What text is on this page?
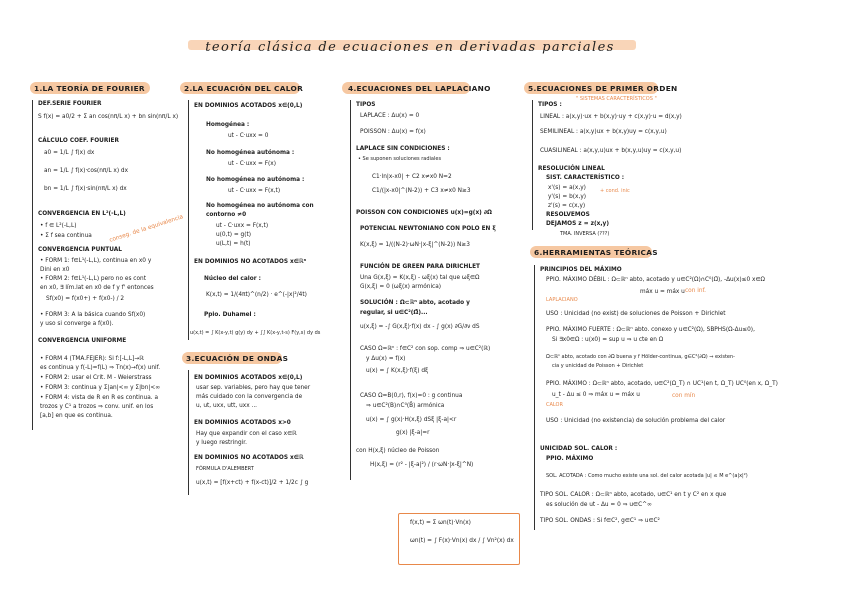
teoría clásica de ecuaciones en derivadas parciales
1.LA TEORÍA DE FOURIER
DEF.SERIE FOURIER
S f(x) = a0/2 + Σ an cos(nπ/L x) + bn sin(nπ/L x)
CÁLCULO COEF. FOURIER
a0 = 1/L ∫ f(x) dx
an = 1/L ∫ f(x)·cos(nπ/L x) dx
bn = 1/L ∫ f(x)·sin(nπ/L x) dx
CONVERGENCIA EN L²(-L,L)
• f ∈ L²(-L,L)
• Σ f sea continua	conseg. de la equivalencia
CONVERGENCIA PUNTUAL
• FORM 1: f∈L¹(-L,L), continua en x0 y
Dini en x0
• FORM 2: f∈L¹(-L,L) pero no es cont
en x0, ∃ lím.lat en x0 de f y f' entonces
Sf(x0) = f(x0+) + f(x0-) / 2
• FORM 3: A la básica cuando Sf(x0)
y uso si converge a f(x0).
CONVERGENCIA UNIFORME
• FORM 4 (TMA.FEJER): Si f:[-L,L]→ℝ
es continua y f(-L)=f(L) ⇒ Tn(x)→f(x) unif.
• FORM 2: usar el Crit. M - Weierstrass
• FORM 3: continua y Σ|an|<∞ y Σ|bn|<∞
• FORM 4: vista de R en R es continua. a
trozos y C¹ a trozos ⇒ conv. unif. en los
[a,b] en que es continua.
2.LA ECUACIÓN DEL CALOR
EN DOMINIOS ACOTADOS x∈(0,L)
Homogénea :
ut - C·uxx = 0
No homogénea autónoma :
ut - C·uxx = F(x)
No homogénea no autónoma :
ut - C·uxx = F(x,t)
No homogénea no autónoma con
contorno ≠0
ut - C·uxx = F(x,t)
u(0,t) = g(t)
u(L,t) = h(t)
EN DOMINIOS NO ACOTADOS x∈ℝⁿ
Núcleo del calor :
K(x,t) = 1/(4πt)^(n/2) · e^(-|x|²/4t)
Ppio. Duhamel :
u(x,t) = ∫ K(x-y,t) g(y) dy + ∫∫ K(x-y,t-s) F(y,s) dy ds
3.ECUACIÓN DE ONDAS
EN DOMINIOS ACOTADOS x∈(0,L)
usar sep. variables, pero hay que tener
más cuidado con la convergencia de
u, ut, uxx, utt, uxx ...
EN DOMINIOS ACOTADOS x>0
Hay que expandir con el caso x∈ℝ
y luego restringir.
EN DOMINIOS NO ACOTADOS x∈ℝ
FÓRMULA D'ALEMBERT
u(x,t) = [f(x+ct) + f(x-ct)]/2 + 1/2c ∫ g
4.ECUACIONES DEL LAPLACIANO
TIPOS
LAPLACE : Δu(x) = 0
POISSON : Δu(x) = f(x)
LAPLACE SIN CONDICIONES :
• Se suponen soluciones radiales
C1·ln|x-x0| + C2 x≠x0 N=2
C1/(|x-x0|^(N-2)) + C3 x≠x0 N≥3
POISSON CON CONDICIONES u(x)=g(x) ∂Ω
POTENCIAL NEWTONIANO CON POLO EN ξ
K(x,ξ) = 1/((N-2)·ωN·|x-ξ|^(N-2)) N≥3
FUNCIÓN DE GREEN PARA DIRICHLET
Una G(x,ξ) = K(x,ξ) - ωξ(x) tal que ωξ∈Ω
G(x,ξ) = 0 (ωξ(x) armónica)
SOLUCIÓN : Ω⊂ℝⁿ abto, acotado y
regular, si u∈C²(Ω̄)...
u(x,ξ) = -∫ G(x,ξ)·f(x) dx - ∫ g(x) ∂G/∂ν dS
CASO Ω=ℝⁿ : f∈C² con sop. comp ⇒ u∈C²(ℝ)
y Δu(x) = f(x)
u(x) = ∫ K(x,ξ)·f(ξ) dξ
CASO Ω=B(0,r), f(x)=0 : g continua
⇒ u∈C²(B)∩C⁰(B̄) armónica
u(x) = ∫ g(x)·H(x,ξ) dSξ |ξ-a|<r
g(x) |ξ-a|=r
con H(x,ξ) núcleo de Poisson
H(x,ξ) = (r² - |ξ-a|²) / (r·ωN·|x-ξ|^N)
f(x,t) = Σ ωn(t)·Vn(x)
ωn(t) = ∫ F(x)·Vn(x) dx / ∫ Vn²(x) dx
5.ECUACIONES DE PRIMER ORDEN
TIPOS :
" SISTEMAS CARACTERÍSTICOS "
LINEAL : a(x,y)·ux + b(x,y)·uy + c(x,y)·u = d(x,y)
SEMILINEAL : a(x,y)ux + b(x,y)uy = c(x,y,u)
CUASILINEAL : a(x,y,u)ux + b(x,y,u)uy = c(x,y,u)
RESOLUCIÓN LINEAL
SIST. CARACTERÍSTICO :
x'(s) = a(x,y)
y'(s) = b(x,y)
z'(s) = c(x,y)
+ cond. inic
RESOLVEMOS
DEJAMOS z = z(x,y)
TMA. INVERSA (???)
6.HERRAMIENTAS TEÓRICAS
PRINCIPIOS DEL MÁXIMO
PPIO. MÁXIMO DÉBIL : Ω⊂ℝⁿ abto, acotado y u∈C²(Ω)∩C⁰(Ω̄), -Δu(x)≤0 x∈Ω
máx u = máx u con inf.
LAPLACIANO
USO : Unicidad (no exist) de soluciones de Poisson + Dirichlet
PPIO. MÁXIMO FUERTE : Ω⊂ℝⁿ abto. conexo y u∈C²(Ω), SBPHS(Ω-Δu≤0),
Si ∃x0∈Ω : u(x0) = sup u ⇒ u cte en Ω
Ω⊂ℝⁿ abto, acotado con ∂Ω buena y f Hölder-continua, g∈C²(∂Ω) ⇒ existen-
cia y unicidad de Poisson + Dirichlet
PPIO. MÁXIMO : Ω⊂ℝⁿ abto, acotado, u∈C²(Ω_T) ∩ UC¹(en t, Ω_T) UC⁰(en x, Ω_T)
u_t - Δu ≤ 0 ⇒ máx u = máx u	con mín
CALOR
USO : Unicidad (no existencia) de solución problema del calor
UNICIDAD SOL. CALOR :
PPIO. MÁXIMO
SOL. ACOTADA : Como mucho existe una sol. del calor acotada |u| ≤ M e^(a|x|²)
TIPO SOL. CALOR : Ω⊂ℝⁿ abto, acotado, u∈C¹ en t y C² en x que
es solución de ut - Δu = 0 ⇒ u∈C^∞
TIPO SOL. ONDAS : Si f∈C², g∈C¹ ⇒ u∈C²
